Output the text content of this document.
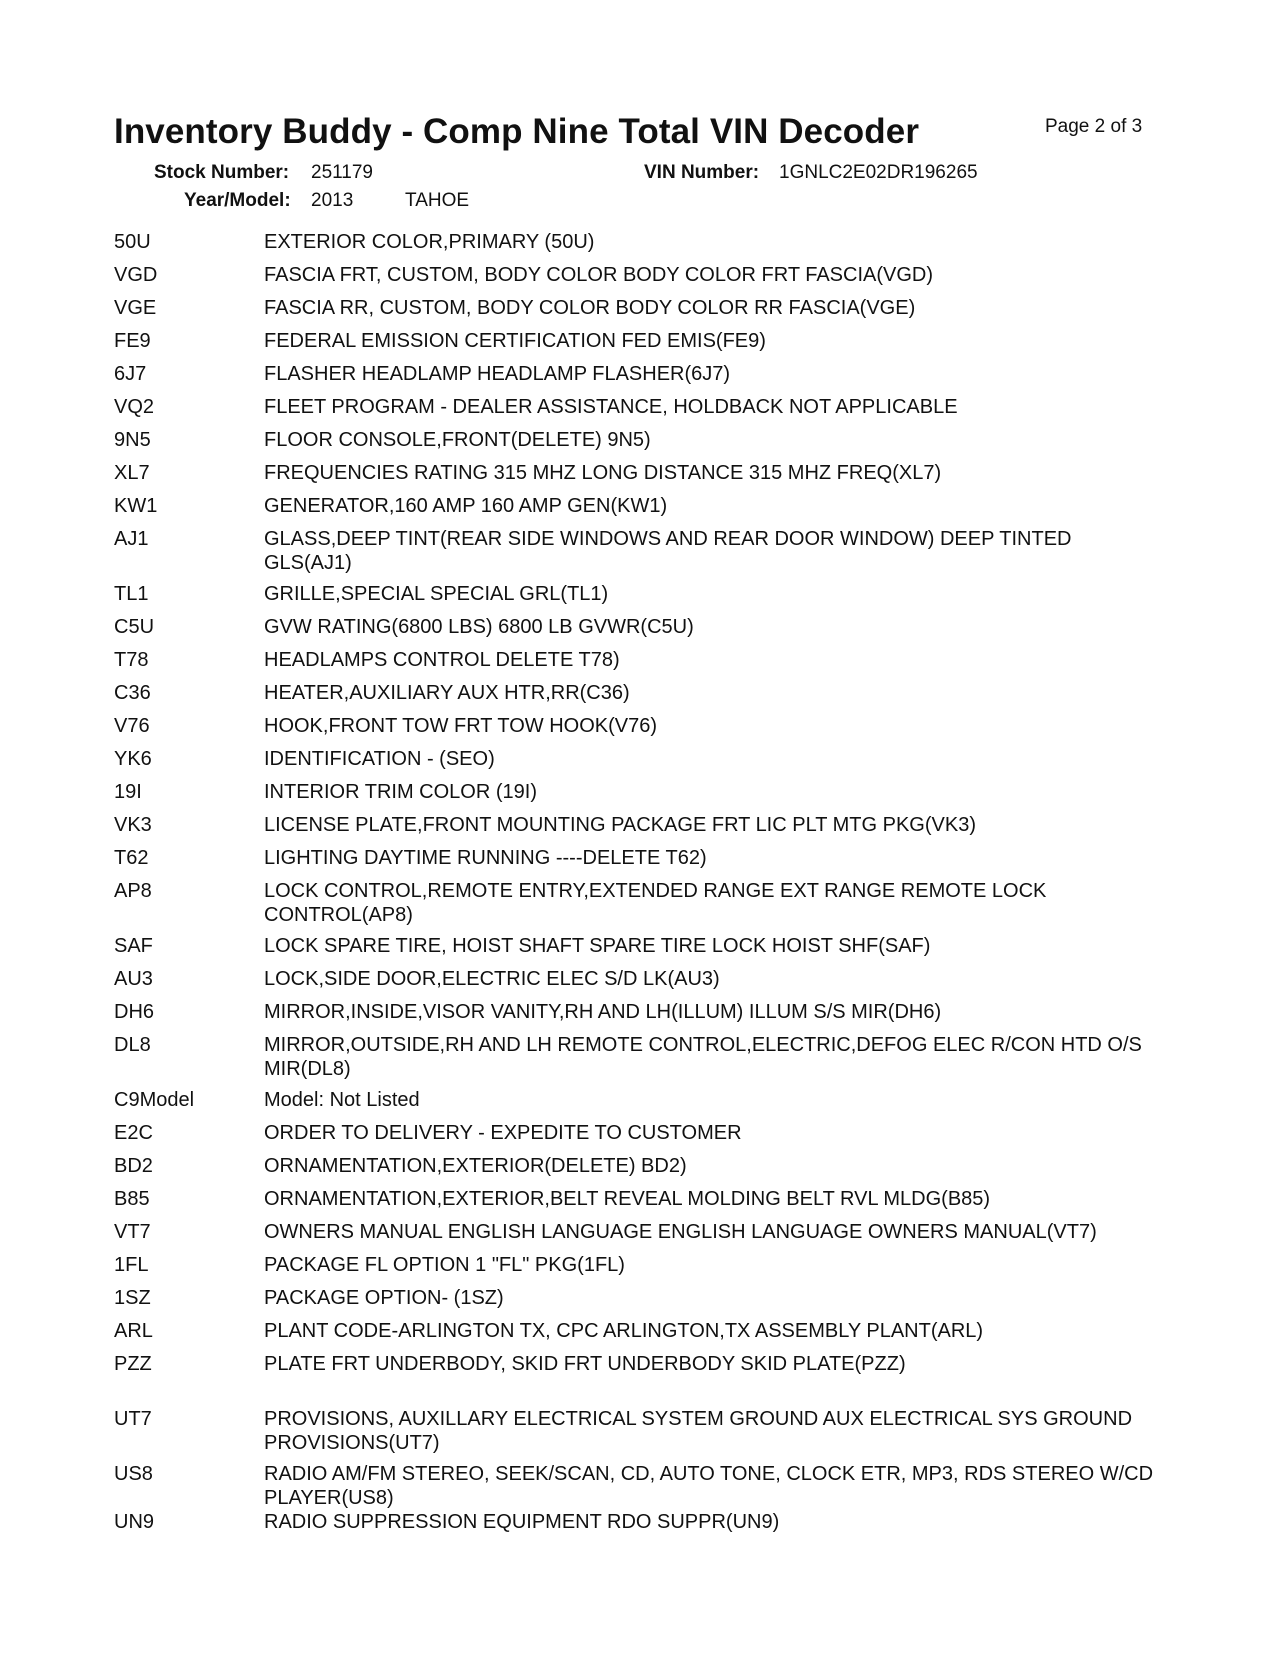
Inventory Buddy - Comp Nine Total VIN Decoder	Page 2 of 3
Stock Number: 251179	VIN Number: 1GNLC2E02DR196265
Year/Model: 2013	TAHOE
50U	EXTERIOR COLOR,PRIMARY (50U)
VGD	FASCIA FRT, CUSTOM, BODY COLOR BODY COLOR FRT FASCIA(VGD)
VGE	FASCIA RR, CUSTOM, BODY COLOR BODY COLOR RR FASCIA(VGE)
FE9	FEDERAL EMISSION CERTIFICATION FED EMIS(FE9)
6J7	FLASHER HEADLAMP HEADLAMP FLASHER(6J7)
VQ2	FLEET PROGRAM - DEALER ASSISTANCE, HOLDBACK NOT APPLICABLE
9N5	FLOOR CONSOLE,FRONT(DELETE) 9N5)
XL7	FREQUENCIES RATING 315 MHZ LONG DISTANCE 315 MHZ FREQ(XL7)
KW1	GENERATOR,160 AMP 160 AMP GEN(KW1)
AJ1	GLASS,DEEP TINT(REAR SIDE WINDOWS AND REAR DOOR WINDOW) DEEP TINTED GLS(AJ1)
TL1	GRILLE,SPECIAL SPECIAL GRL(TL1)
C5U	GVW RATING(6800 LBS) 6800 LB GVWR(C5U)
T78	HEADLAMPS CONTROL DELETE T78)
C36	HEATER,AUXILIARY AUX HTR,RR(C36)
V76	HOOK,FRONT TOW FRT TOW HOOK(V76)
YK6	IDENTIFICATION - (SEO)
19I	INTERIOR TRIM COLOR (19I)
VK3	LICENSE PLATE,FRONT MOUNTING PACKAGE FRT LIC PLT MTG PKG(VK3)
T62	LIGHTING DAYTIME RUNNING ----DELETE T62)
AP8	LOCK CONTROL,REMOTE ENTRY,EXTENDED RANGE EXT RANGE REMOTE LOCK CONTROL(AP8)
SAF	LOCK SPARE TIRE, HOIST SHAFT SPARE TIRE LOCK HOIST SHF(SAF)
AU3	LOCK,SIDE DOOR,ELECTRIC ELEC S/D LK(AU3)
DH6	MIRROR,INSIDE,VISOR VANITY,RH AND LH(ILLUM) ILLUM S/S MIR(DH6)
DL8	MIRROR,OUTSIDE,RH AND LH REMOTE CONTROL,ELECTRIC,DEFOG ELEC R/CON HTD O/S MIR(DL8)
C9Model	Model: Not Listed
E2C	ORDER TO DELIVERY - EXPEDITE TO CUSTOMER
BD2	ORNAMENTATION,EXTERIOR(DELETE) BD2)
B85	ORNAMENTATION,EXTERIOR,BELT REVEAL MOLDING BELT RVL MLDG(B85)
VT7	OWNERS MANUAL ENGLISH LANGUAGE ENGLISH LANGUAGE OWNERS MANUAL(VT7)
1FL	PACKAGE FL OPTION 1 "FL" PKG(1FL)
1SZ	PACKAGE OPTION- (1SZ)
ARL	PLANT CODE-ARLINGTON TX, CPC ARLINGTON,TX ASSEMBLY PLANT(ARL)
PZZ	PLATE FRT UNDERBODY, SKID FRT UNDERBODY SKID PLATE(PZZ)
UT7	PROVISIONS, AUXILLARY ELECTRICAL SYSTEM GROUND AUX ELECTRICAL SYS GROUND PROVISIONS(UT7)
US8	RADIO AM/FM STEREO, SEEK/SCAN, CD, AUTO TONE, CLOCK ETR, MP3, RDS STEREO W/CD PLAYER(US8)
UN9	RADIO SUPPRESSION EQUIPMENT RDO SUPPR(UN9)
